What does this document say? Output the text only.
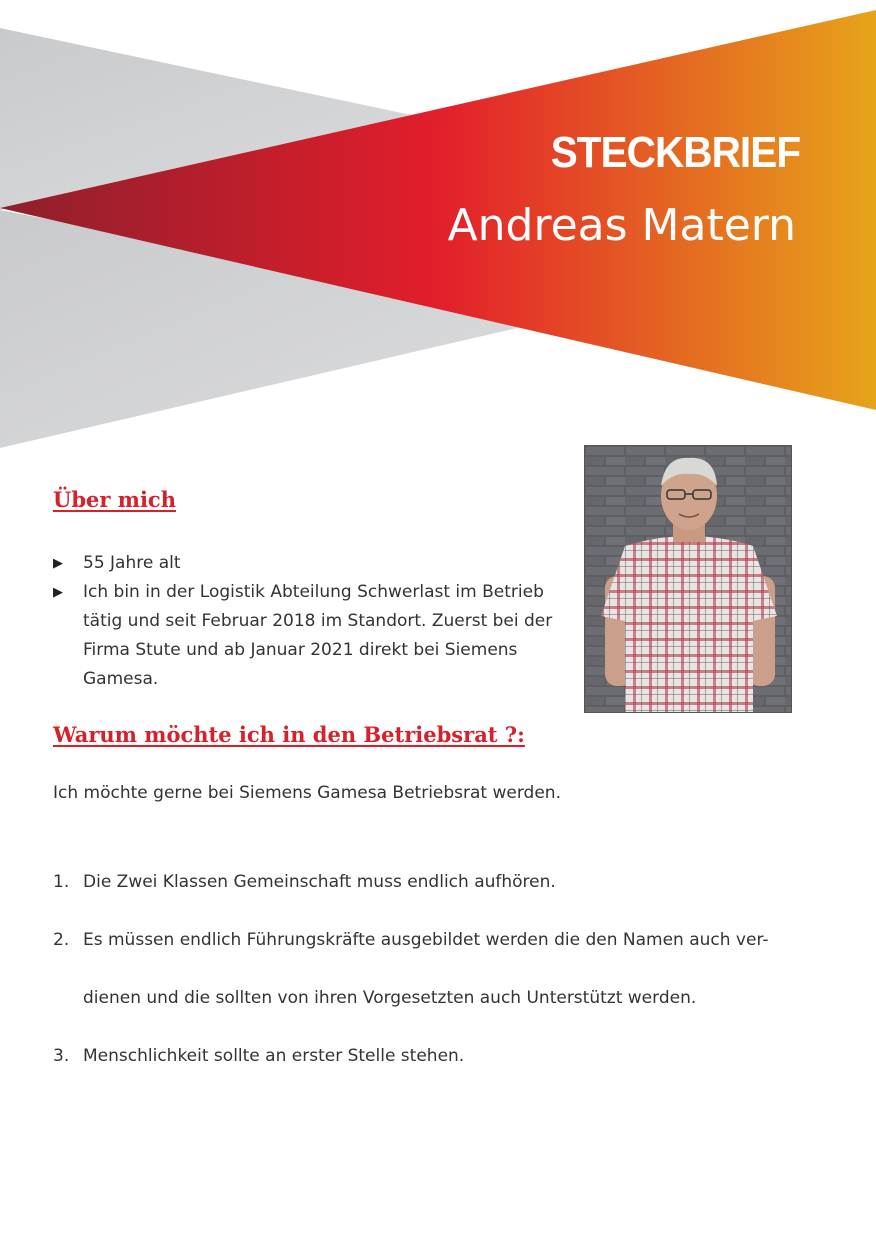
STECKBRIEF
Andreas Matern
Über mich
▶ 55 Jahre alt
▶ Ich bin in der Logistik Abteilung Schwerlast im Betrieb
tätig und seit Februar 2018 im Standort. Zuerst bei der
Firma Stute und ab Januar 2021 direkt bei Siemens
Gamesa.
Warum möchte ich in den Betriebsrat ?:
Ich möchte gerne bei Siemens Gamesa Betriebsrat werden.
1. Die Zwei Klassen Gemeinschaft muss endlich aufhören.
2. Es müssen endlich Führungskräfte ausgebildet werden die den Namen auch ver-
dienen und die sollten von ihren Vorgesetzten auch Unterstützt werden.
3. Menschlichkeit sollte an erster Stelle stehen.
